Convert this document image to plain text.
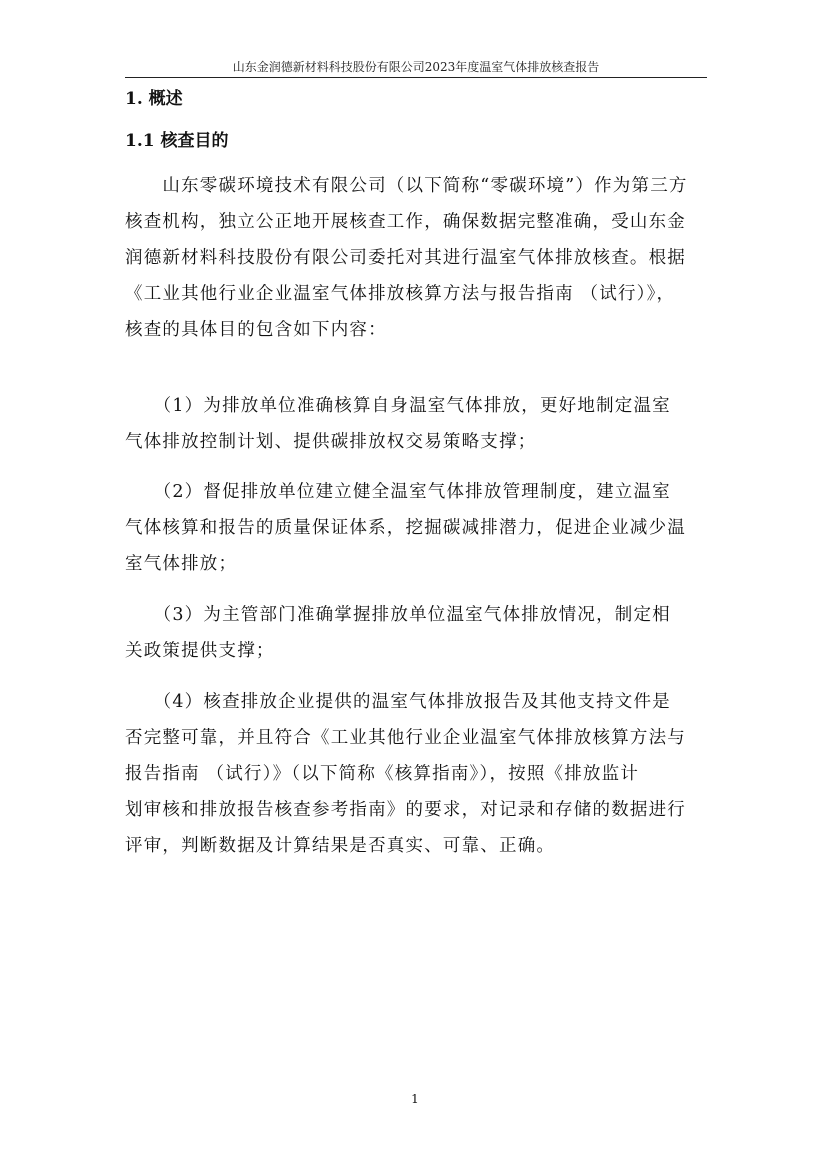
山东金润德新材料科技股份有限公司2023年度温室气体排放核查报告
1. 概述
1.1 核查目的
　　山东零碳环境技术有限公司（以下简称“零碳环境”）作为第三方
核查机构，独立公正地开展核查工作，确保数据完整准确，受山东金
润德新材料科技股份有限公司委托对其进行温室气体排放核查。根据
《工业其他行业企业温室气体排放核算方法与报告指南 （试行）》，
核查的具体目的包含如下内容：
　　（1）为排放单位准确核算自身温室气体排放，更好地制定温室
气体排放控制计划、提供碳排放权交易策略支撑；
　　（2）督促排放单位建立健全温室气体排放管理制度，建立温室
气体核算和报告的质量保证体系，挖掘碳减排潜力，促进企业减少温
室气体排放；
　　（3）为主管部门准确掌握排放单位温室气体排放情况，制定相
关政策提供支撑；
　　（4）核查排放企业提供的温室气体排放报告及其他支持文件是
否完整可靠，并且符合《工业其他行业企业温室气体排放核算方法与
报告指南 （试行）》（以下简称《核算指南》），按照《排放监计
划审核和排放报告核查参考指南》的要求，对记录和存储的数据进行
评审，判断数据及计算结果是否真实、可靠、正确。
1
